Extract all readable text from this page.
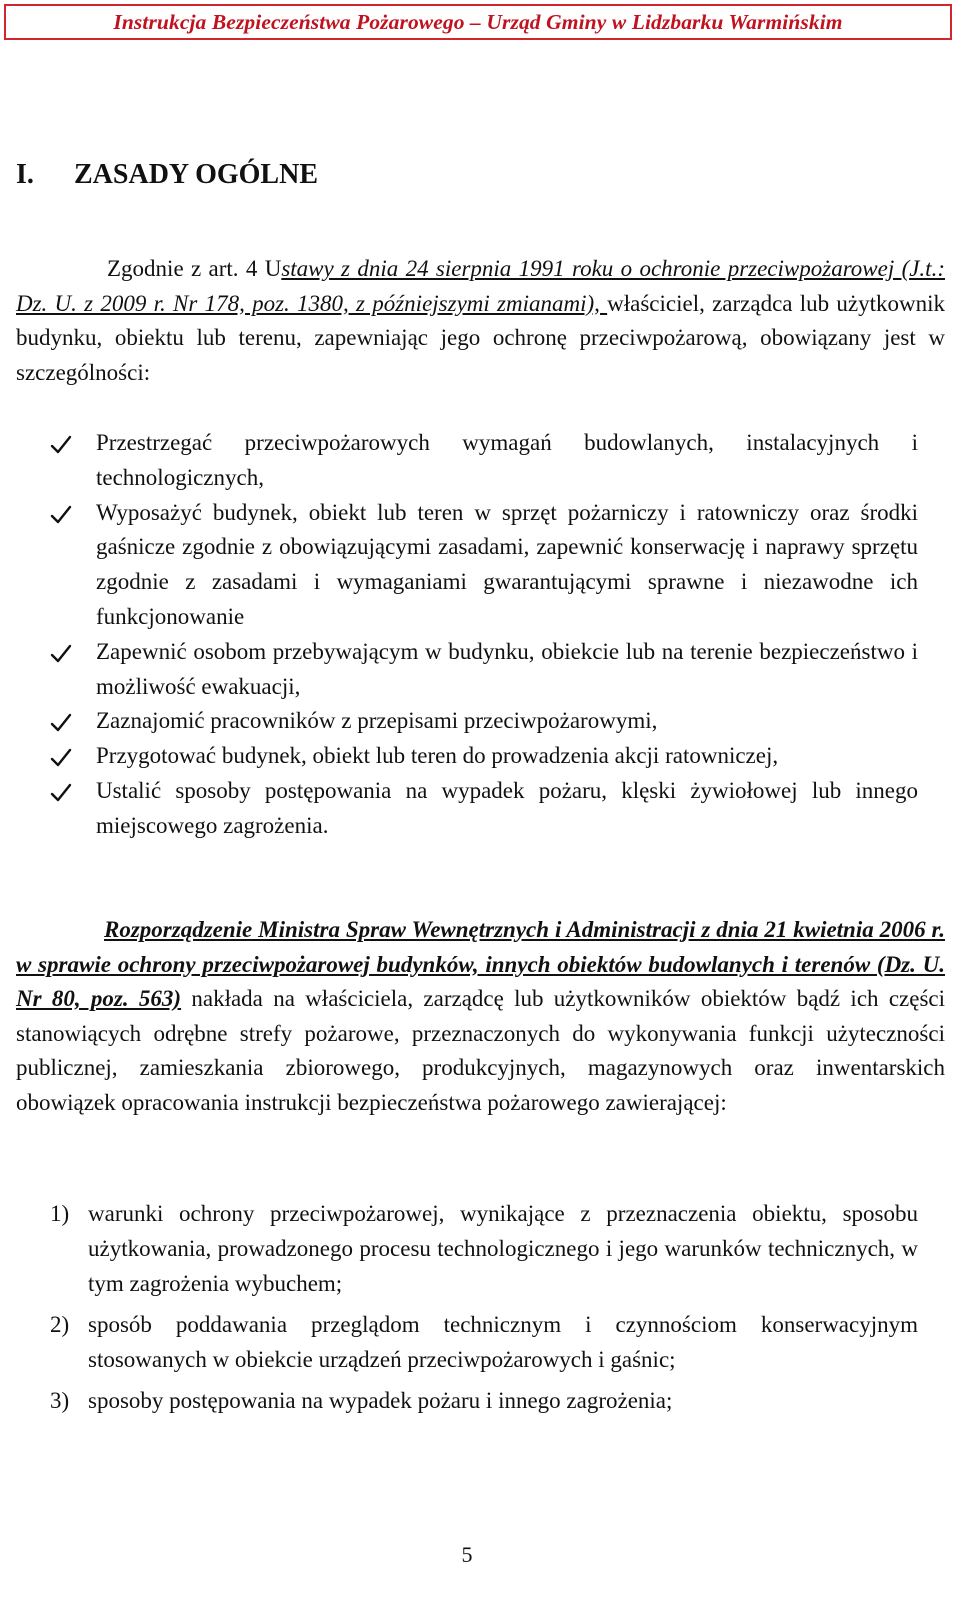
Instrukcja Bezpieczeństwa Pożarowego – Urząd Gminy w Lidzbarku Warmińskim
I. ZASADY OGÓLNE

Zgodnie z art. 4 Ustawy z dnia 24 sierpnia 1991 roku o ochronie przeciwpożarowej (J.t.: Dz. U. z 2009 r. Nr 178, poz. 1380, z późniejszymi zmianami), właściciel, zarządca lub użytkownik budynku, obiektu lub terenu, zapewniając jego ochronę przeciwpożarową, obowiązany jest w szczególności:

Przestrzegać przeciwpożarowych wymagań budowlanych, instalacyjnych i technologicznych,
Wyposażyć budynek, obiekt lub teren w sprzęt pożarniczy i ratowniczy oraz środki gaśnicze zgodnie z obowiązującymi zasadami, zapewnić konserwację i naprawy sprzętu zgodnie z zasadami i wymaganiami gwarantującymi sprawne i niezawodne ich funkcjonowanie
Zapewnić osobom przebywającym w budynku, obiekcie lub na terenie bezpieczeństwo i możliwość ewakuacji,
Zaznajomić pracowników z przepisami przeciwpożarowymi,
Przygotować budynek, obiekt lub teren do prowadzenia akcji ratowniczej,
Ustalić sposoby postępowania na wypadek pożaru, klęski żywiołowej lub innego miejscowego zagrożenia.

Rozporządzenie Ministra Spraw Wewnętrznych i Administracji z dnia 21 kwietnia 2006 r. w sprawie ochrony przeciwpożarowej budynków, innych obiektów budowlanych i terenów (Dz. U. Nr 80, poz. 563) nakłada na właściciela, zarządcę lub użytkowników obiektów bądź ich części stanowiących odrębne strefy pożarowe, przeznaczonych do wykonywania funkcji użyteczności publicznej, zamieszkania zbiorowego, produkcyjnych, magazynowych oraz inwentarskich obowiązek opracowania instrukcji bezpieczeństwa pożarowego zawierającej:

1) warunki ochrony przeciwpożarowej, wynikające z przeznaczenia obiektu, sposobu użytkowania, prowadzonego procesu technologicznego i jego warunków technicznych, w tym zagrożenia wybuchem;
2) sposób poddawania przeglądom technicznym i czynnościom konserwacyjnym stosowanych w obiekcie urządzeń przeciwpożarowych i gaśnic;
3) sposoby postępowania na wypadek pożaru i innego zagrożenia;
5
